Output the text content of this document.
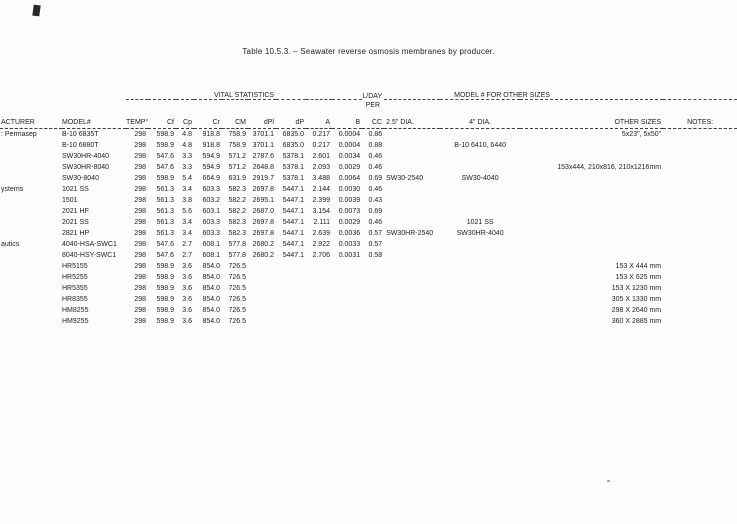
Table 10.5.3. – Seawater reverse osmosis membranes by producer.
		VITAL STATISTICS									L/DAY	MODEL # FOR OTHER SIZES			
											PER				
ACTURER	MODEL#	TEMP°	Cf	Cp	Cr	CM	dPl	dP	A	B	CC	2.5" DIA.	4" DIA.	OTHER SIZES	NOTES:
: Permasep	B-10 6835T	298	598.9	4.8	918.8	758.9	3701.1	6835.0	0.217	0.0004	0.86			5x23", 5x50"	
	B-10 6880T	298	598.9	4.8	918.8	758.9	3701.1	6835.0	0.217	0.0004	0.88		B-10 6410, 6440		
	SW30HR-4040	298	547.6	3.3	594.9	571.2	2787.6	5378.1	2.601	0.0034	0.46				
	SW30HR-8040	298	547.6	3.3	594.9	571.2	2648.8	5378.1	2.093	0.0029	0.46			153x444, 210x816, 210x1216mm	
	SW30-8040	298	598.9	5.4	664.9	631.9	2919.7	5378.1	3.488	0.0064	0.69	SW30-2540	SW30-4040		
ystems	1021 SS	298	561.3	3.4	603.3	582.3	2697.8	5447.1	2.144	0.0030	0.46				
	1501	298	561.3	3.8	603.2	582.2	2695.1	5447.1	2.399	0.0039	0.43				
	2021 HF	298	561.3	5.6	603.1	582.2	2687.0	5447.1	3.154	0.0073	0.69				
	2021 SS	298	561.3	3.4	603.3	582.3	2697.8	5447.1	2.111	0.0029	0.46		1021 SS		
	2821 HP	298	561.3	3.4	603.3	582.3	2697.8	5447.1	2.639	0.0036	0.57	SW30HR-2540	SW30HR-4040		
autics	4040-HSA-SWC1	298	547.6	2.7	608.1	577.8	2680.2	5447.1	2.922	0.0033	0.57				
	8040-HSY-SWC1	298	547.6	2.7	608.1	577.8	2680.2	5447.1	2.706	0.0031	0.58				
	HR5155	298	598.9	3.6	854.0	726.5								153 X 444 mm	
	HR5255	298	598.9	3.6	854.0	726.5								153 X 625 mm	
	HR5355	298	598.9	3.6	854.0	726.5								153 X 1230 mm	
	HR8355	298	598.9	3.6	854.0	726.5								305 X 1330 mm	
	HM8255	298	598.9	3.6	854.0	726.5								298 X 2640 mm	
	HM9255	298	598.9	3.6	854.0	726.5								360 X 2885 mm	
